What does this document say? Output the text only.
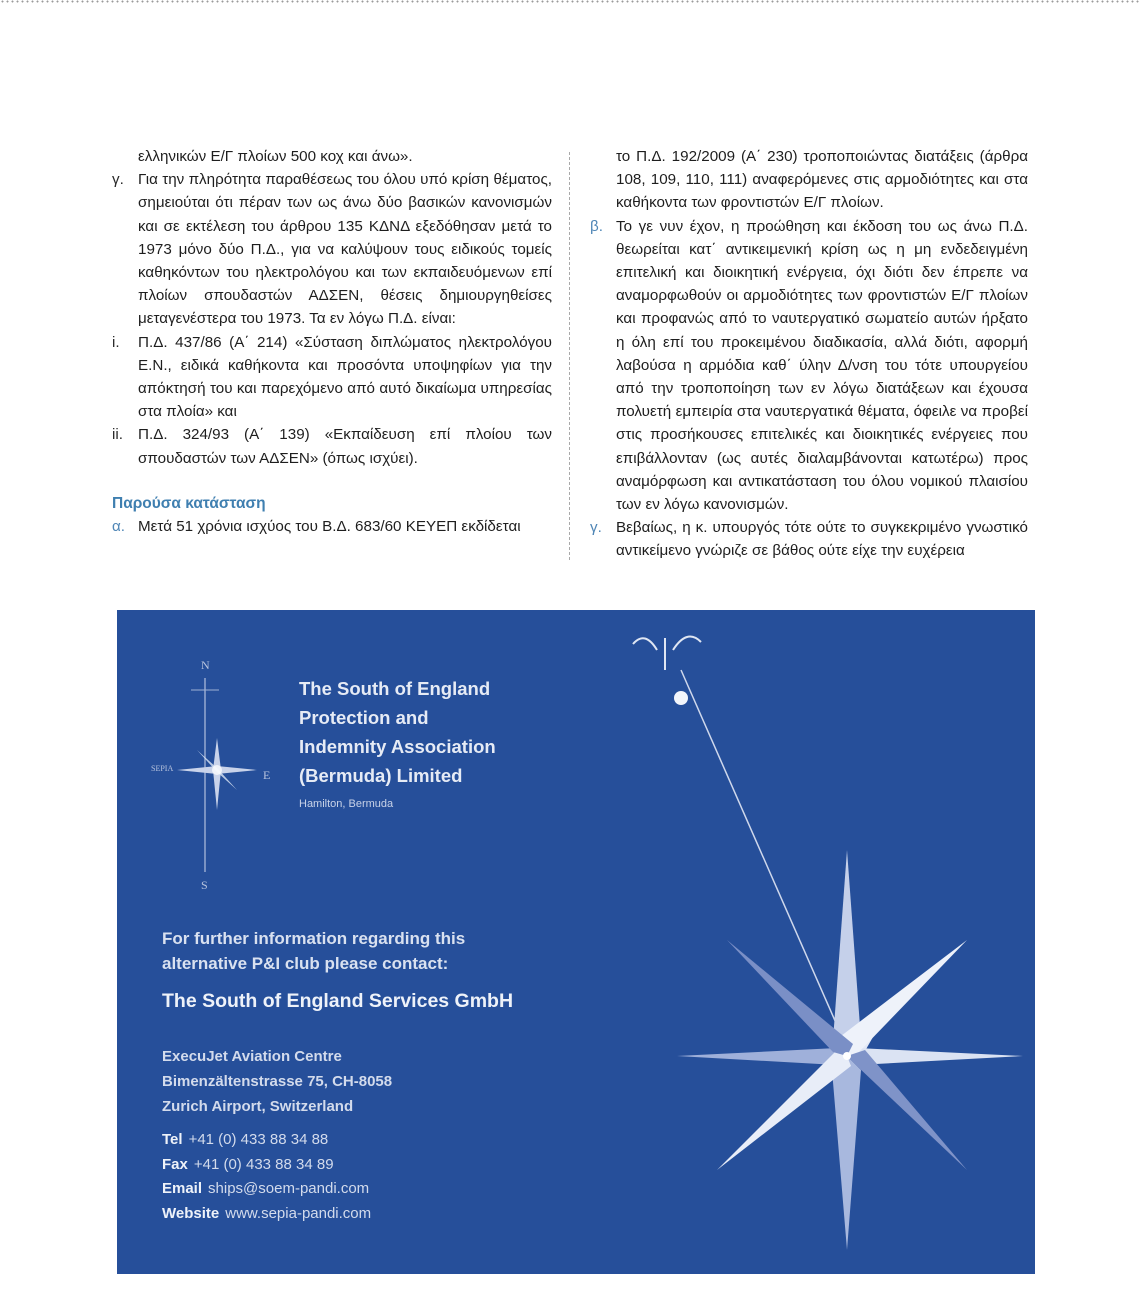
ελληνικών Ε/Γ πλοίων 500 κοχ και άνω».

γ. Για την πληρότητα παραθέσεως του όλου υπό κρίση θέματος, σημειούται ότι πέραν των ως άνω δύο βασικών κανονισμών και σε εκτέλεση του άρθρου 135 ΚΔΝΔ εξεδόθησαν μετά το 1973 μόνο δύο Π.Δ., για να καλύψουν τους ειδικούς τομείς καθηκόντων του ηλεκτρολόγου και των εκπαιδευόμενων επί πλοίων σπουδαστών ΑΔΣΕΝ, θέσεις δημιουργηθείσες μεταγενέστερα του 1973. Τα εν λόγω Π.Δ. είναι:

i. Π.Δ. 437/86 (Α΄ 214) «Σύσταση διπλώματος ηλεκτρολόγου Ε.Ν., ειδικά καθήκοντα και προσόντα υποψηφίων για την απόκτησή του και παρεχόμενο από αυτό δικαίωμα υπηρεσίας στα πλοία» και

ii. Π.Δ. 324/93 (Α΄ 139) «Εκπαίδευση επί πλοίου των σπουδαστών των ΑΔΣΕΝ» (όπως ισχύει).

Παρούσα κατάσταση

α. Μετά 51 χρόνια ισχύος του Β.Δ. 683/60 ΚΕΥΕΠ εκδίδεται

το Π.Δ. 192/2009 (Α΄ 230) τροποποιώντας διατάξεις (άρθρα 108, 109, 110, 111) αναφερόμενες στις αρμοδιότητες και στα καθήκοντα των φροντιστών Ε/Γ πλοίων.

β. Το γε νυν έχον, η προώθηση και έκδοση του ως άνω Π.Δ. θεωρείται κατ΄ αντικειμενική κρίση ως η μη ενδεδειγμένη επιτελική και διοικητική ενέργεια, όχι διότι δεν έπρεπε να αναμορφωθούν οι αρμοδιότητες των φροντιστών Ε/Γ πλοίων και προφανώς από το ναυτεργατικό σωματείο αυτών ήρξατο η όλη επί του προκειμένου διαδικασία, αλλά διότι, αφορμή λαβούσα η αρμόδια καθ΄ ύλην Δ/νση του τότε υπουργείου από την τροποποίηση των εν λόγω διατάξεων και έχουσα πολυετή εμπειρία στα ναυτεργατικά θέματα, όφειλε να προβεί στις προσήκουσες επιτελικές και διοικητικές ενέργειες που επιβάλλονταν (ως αυτές διαλαμβάνονται κατωτέρω) προς αναμόρφωση και αντικατάσταση του όλου νομικού πλαισίου των εν λόγω κανονισμών.

γ. Βεβαίως, η κ. υπουργός τότε ούτε το συγκεκριμένο γνωστικό αντικείμενο γνώριζε σε βάθος ούτε είχε την ευχέρεια

N
SEPIA	E
S
The South of England
Protection and
Indemnity Association
(Bermuda) Limited
Hamilton, Bermuda
For further information regarding this
alternative P&I club please contact:
The South of England Services GmbH
ExecuJet Aviation Centre
Bimenzältenstrasse 75, CH-8058
Zurich Airport, Switzerland
Tel +41 (0) 433 88 34 88
Fax +41 (0) 433 88 34 89
Email ships@soem-pandi.com
Website www.sepia-pandi.com
